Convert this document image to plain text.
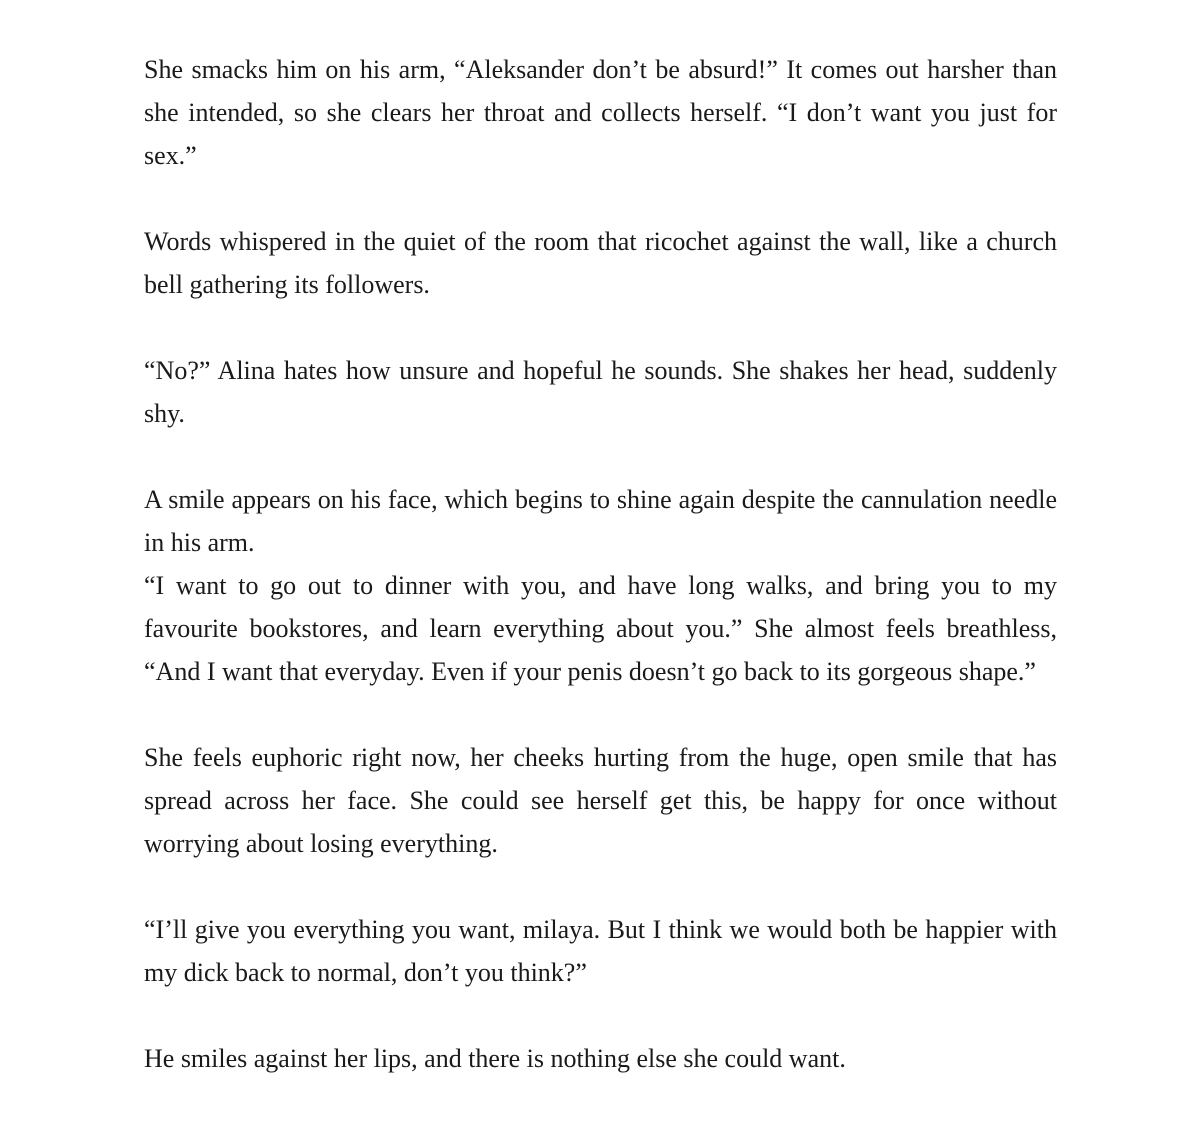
She smacks him on his arm, “Aleksander don’t be absurd!” It comes out harsher than she intended, so she clears her throat and collects herself. “I don’t want you just for sex.”

Words whispered in the quiet of the room that ricochet against the wall, like a church bell gathering its followers.

“No?” Alina hates how unsure and hopeful he sounds. She shakes her head, suddenly shy.

A smile appears on his face, which begins to shine again despite the cannulation needle in his arm.

“I want to go out to dinner with you, and have long walks, and bring you to my favourite bookstores, and learn everything about you.” She almost feels breathless, “And I want that everyday. Even if your penis doesn’t go back to its gorgeous shape.”

She feels euphoric right now, her cheeks hurting from the huge, open smile that has spread across her face. She could see herself get this, be happy for once without worrying about losing everything.

“I’ll give you everything you want, milaya. But I think we would both be happier with my dick back to normal, don’t you think?”

He smiles against her lips, and there is nothing else she could want.
